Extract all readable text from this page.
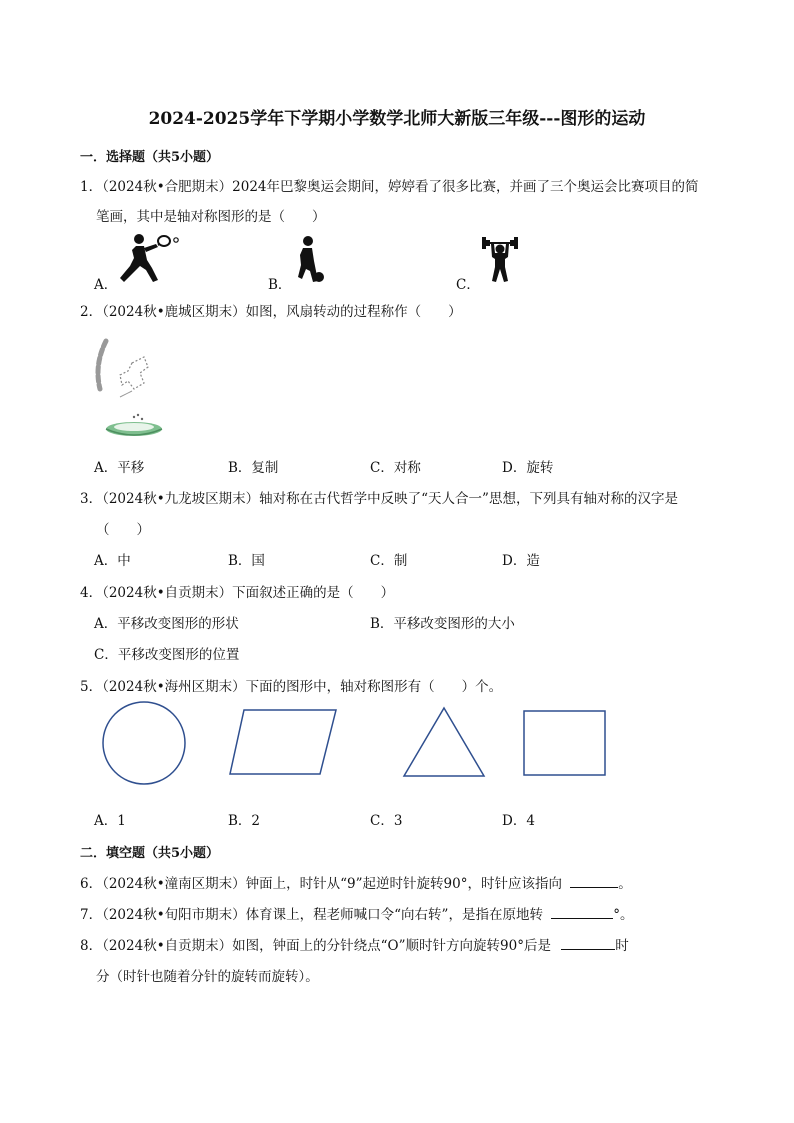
2024-2025学年下学期小学数学北师大新版三年级---图形的运动
一．选择题（共5小题）
1．（2024秋•合肥期末）2024年巴黎奥运会期间，婷婷看了很多比赛，并画了三个奥运会比赛项目的简
笔画，其中是轴对称图形的是（　　）
A．	B．	C．
2．（2024秋•鹿城区期末）如图，风扇转动的过程称作（　　）
A．平移	B．复制	C．对称	D．旋转
3．（2024秋•九龙坡区期末）轴对称在古代哲学中反映了“天人合一”思想，下列具有轴对称的汉字是
（　　）
A．中	B．国	C．制	D．造
4．（2024秋•自贡期末）下面叙述正确的是（　　）
A．平移改变图形的形状	B．平移改变图形的大小
C．平移改变图形的位置
5．（2024秋•海州区期末）下面的图形中，轴对称图形有（　　）个。
A．1	B．2	C．3	D．4
二．填空题（共5小题）
6．（2024秋•潼南区期末）钟面上，时针从“9”起逆时针旋转90°，时针应该指向	。
7．（2024秋•旬阳市期末）体育课上，程老师喊口令“向右转”，是指在原地转	°。
8．（2024秋•自贡期末）如图，钟面上的分针绕点“O”顺时针方向旋转90°后是	时
分（时针也随着分针的旋转而旋转）。
